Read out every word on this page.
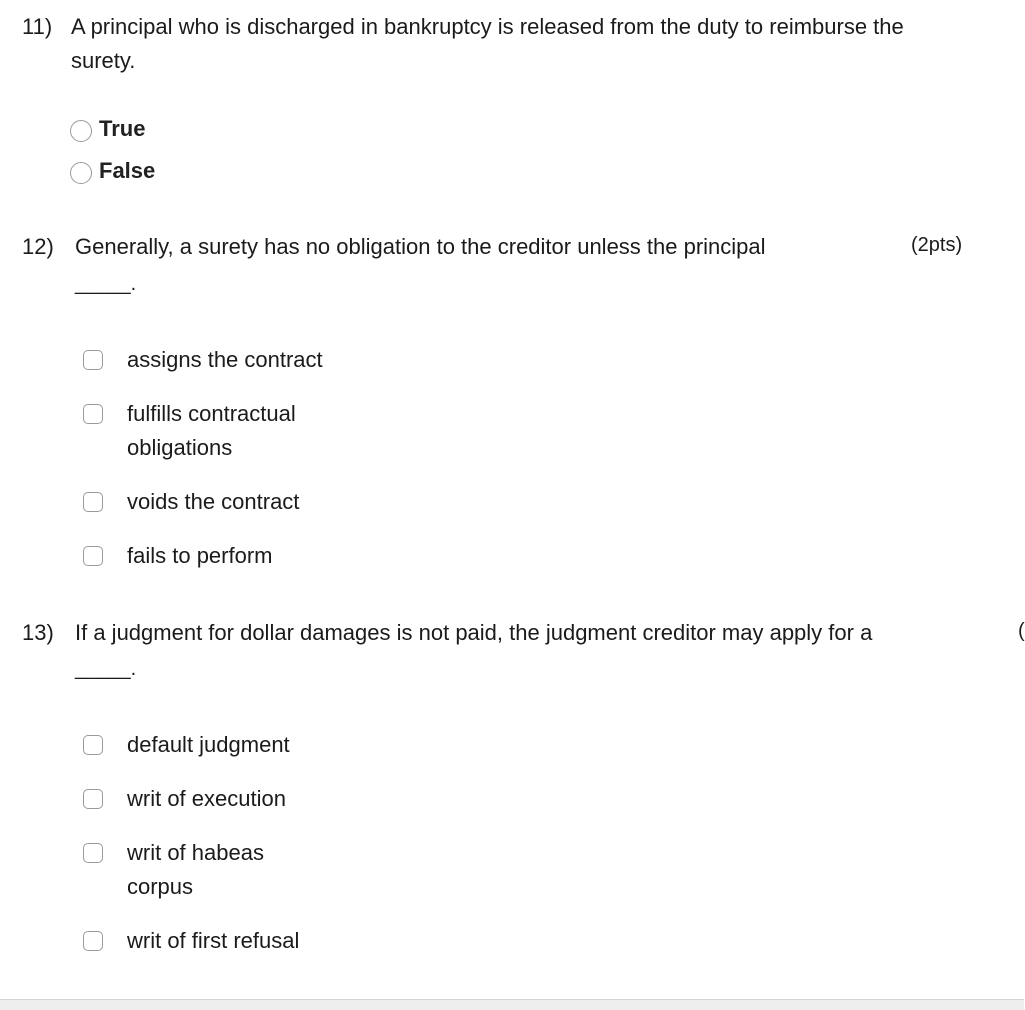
11) A principal who is discharged in bankruptcy is released from the duty to reimburse the
surety.
True
False
12) Generally, a surety has no obligation to the creditor unless the principal	(2pts)
_____.
assigns the contract
fulfills contractual
obligations
voids the contract
fails to perform
13) If a judgment for dollar damages is not paid, the judgment creditor may apply for a	(
_____.
default judgment
writ of execution
writ of habeas
corpus
writ of first refusal
